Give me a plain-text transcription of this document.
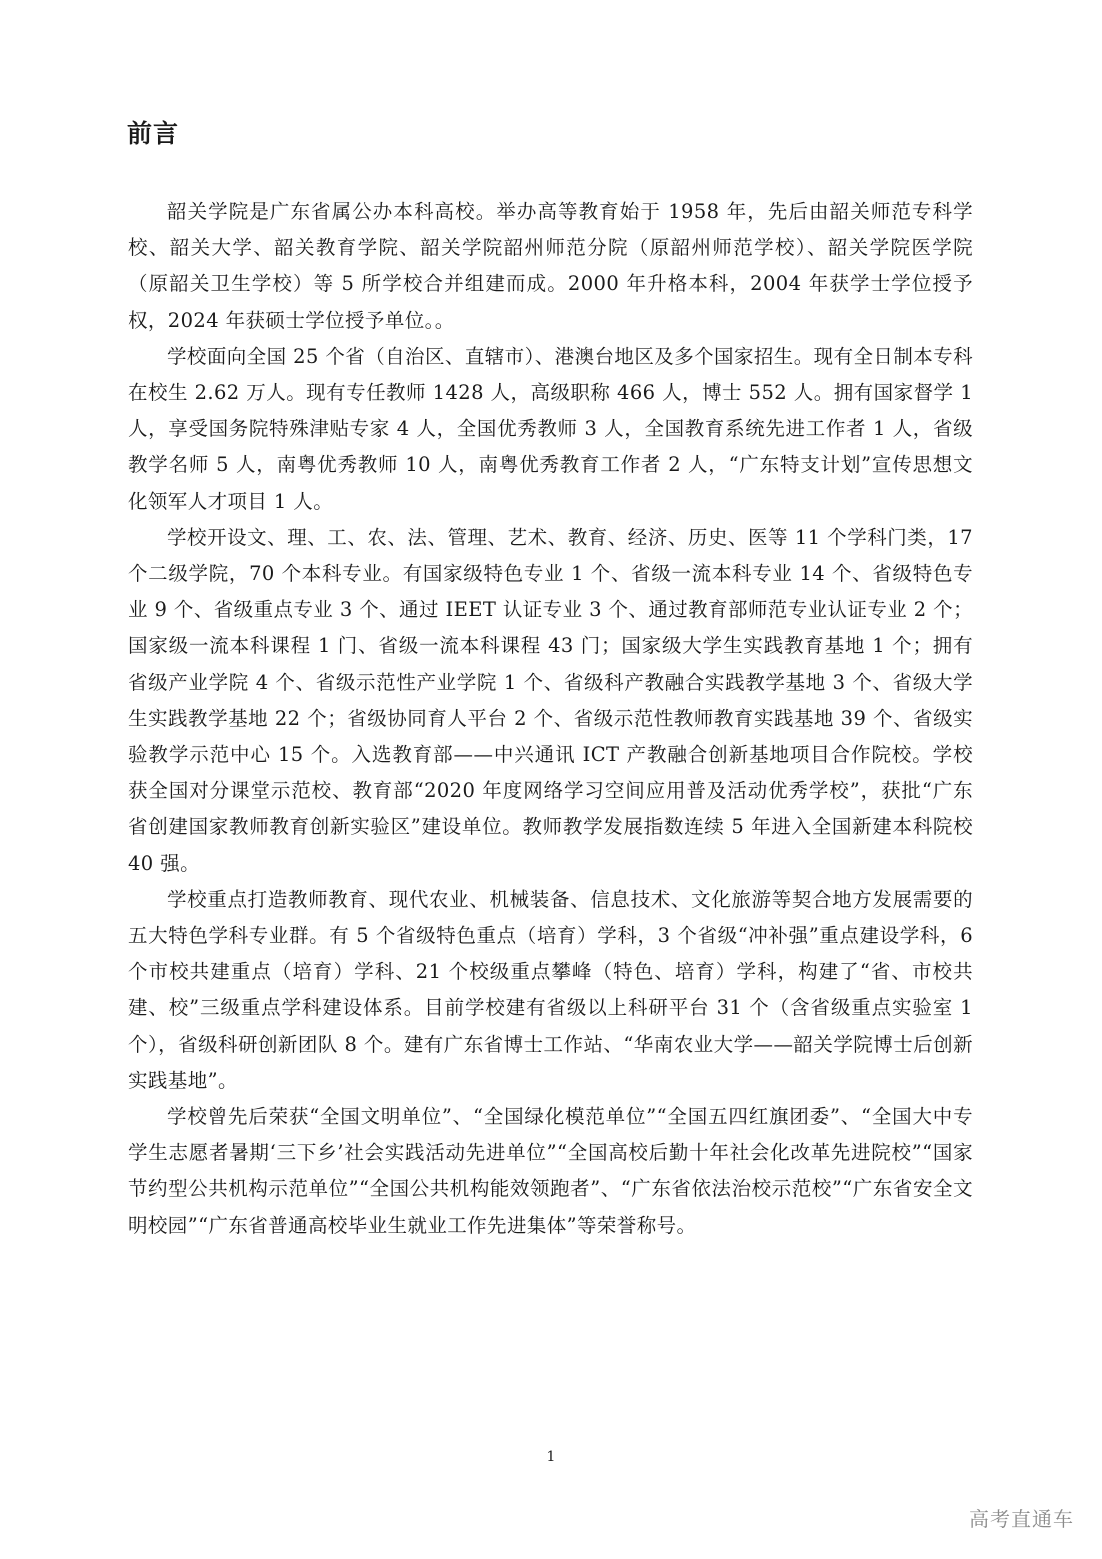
前言

韶关学院是广东省属公办本科高校。举办高等教育始于 1958 年，先后由韶关师范专科学校、韶关大学、韶关教育学院、韶关学院韶州师范分院（原韶州师范学校）、韶关学院医学院（原韶关卫生学校）等 5 所学校合并组建而成。2000 年升格本科，2004 年获学士学位授予权，2024 年获硕士学位授予单位。。

学校面向全国 25 个省（自治区、直辖市）、港澳台地区及多个国家招生。现有全日制本专科在校生 2.62 万人。现有专任教师 1428 人，高级职称 466 人，博士 552 人。拥有国家督学 1 人，享受国务院特殊津贴专家 4 人，全国优秀教师 3 人，全国教育系统先进工作者 1 人，省级教学名师 5 人，南粤优秀教师 10 人，南粤优秀教育工作者 2 人，“广东特支计划”宣传思想文化领军人才项目 1 人。

学校开设文、理、工、农、法、管理、艺术、教育、经济、历史、医等 11 个学科门类，17 个二级学院，70 个本科专业。有国家级特色专业 1 个、省级一流本科专业 14 个、省级特色专业 9 个、省级重点专业 3 个、通过 IEET 认证专业 3 个、通过教育部师范专业认证专业 2 个；国家级一流本科课程 1 门、省级一流本科课程 43 门；国家级大学生实践教育基地 1 个；拥有省级产业学院 4 个、省级示范性产业学院 1 个、省级科产教融合实践教学基地 3 个、省级大学生实践教学基地 22 个；省级协同育人平台 2 个、省级示范性教师教育实践基地 39 个、省级实验教学示范中心 15 个。入选教育部——中兴通讯 ICT 产教融合创新基地项目合作院校。学校获全国对分课堂示范校、教育部“2020 年度网络学习空间应用普及活动优秀学校”，获批“广东省创建国家教师教育创新实验区”建设单位。教师教学发展指数连续 5 年进入全国新建本科院校 40 强。

学校重点打造教师教育、现代农业、机械装备、信息技术、文化旅游等契合地方发展需要的五大特色学科专业群。有 5 个省级特色重点（培育）学科，3 个省级“冲补强”重点建设学科，6 个市校共建重点（培育）学科、21 个校级重点攀峰（特色、培育）学科，构建了“省、市校共建、校”三级重点学科建设体系。目前学校建有省级以上科研平台 31 个（含省级重点实验室 1 个），省级科研创新团队 8 个。建有广东省博士工作站、“华南农业大学——韶关学院博士后创新实践基地”。

学校曾先后荣获“全国文明单位”、“全国绿化模范单位”“全国五四红旗团委”、“全国大中专学生志愿者暑期‘三下乡’社会实践活动先进单位”“全国高校后勤十年社会化改革先进院校”“国家节约型公共机构示范单位”“全国公共机构能效领跑者”、“广东省依法治校示范校”“广东省安全文明校园”“广东省普通高校毕业生就业工作先进集体”等荣誉称号。

1
高考直通车
